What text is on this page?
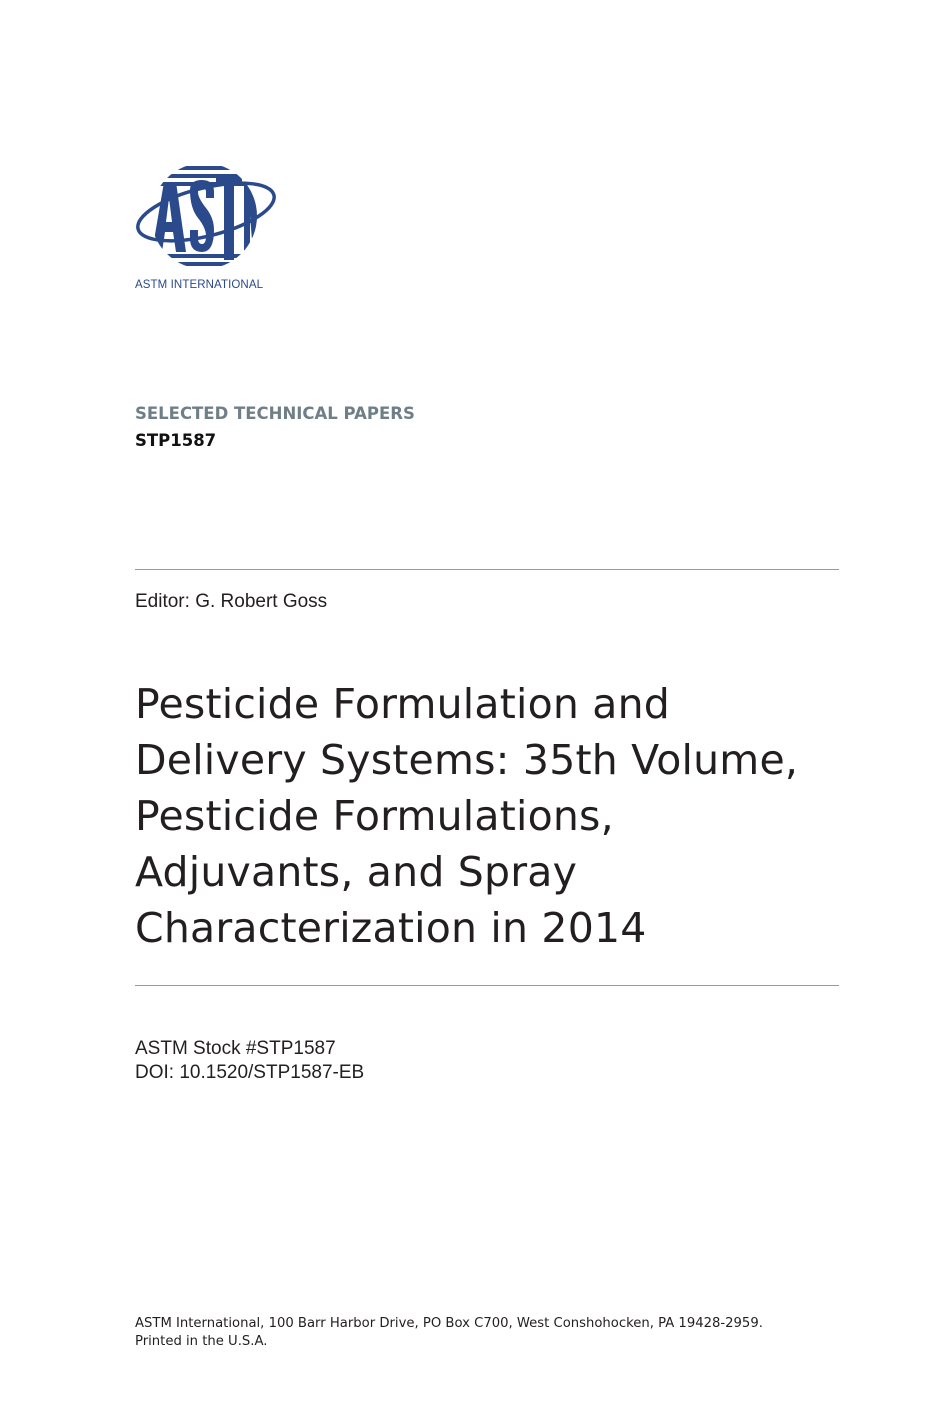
ASTM INTERNATIONAL
SELECTED TECHNICAL PAPERS
STP1587
Editor: G. Robert Goss
Pesticide Formulation and
Delivery Systems: 35th Volume,
Pesticide Formulations,
Adjuvants, and Spray
Characterization in 2014
ASTM Stock #STP1587
DOI: 10.1520/STP1587-EB
ASTM International, 100 Barr Harbor Drive, PO Box C700, West Conshohocken, PA 19428-2959.
Printed in the U.S.A.
